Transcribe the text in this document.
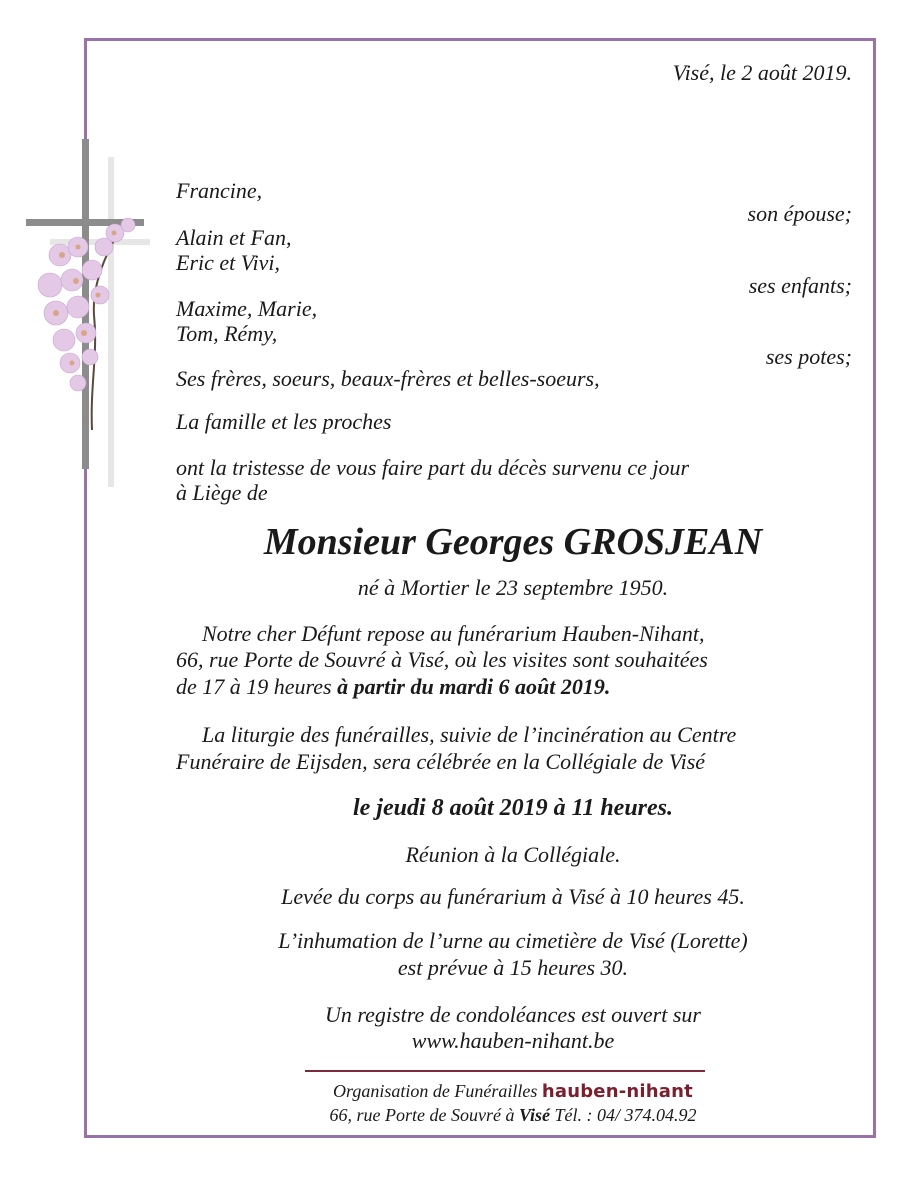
Visé, le 2 août 2019.
Francine,
son épouse;
Alain et Fan,
Eric et Vivi,
ses enfants;
Maxime, Marie,
Tom, Rémy,
ses potes;
Ses frères, soeurs, beaux-frères et belles-soeurs,
La famille et les proches
ont la tristesse de vous faire part du décès survenu ce jour
à Liège de
Monsieur Georges GROSJEAN
né à Mortier le 23 septembre 1950.
Notre cher Défunt repose au funérarium Hauben-Nihant,
66, rue Porte de Souvré à Visé, où les visites sont souhaitées
de 17 à 19 heures à partir du mardi 6 août 2019.
La liturgie des funérailles, suivie de l’incinération au Centre
Funéraire de Eijsden, sera célébrée en la Collégiale de Visé
le jeudi 8 août 2019 à 11 heures.
Réunion à la Collégiale.
Levée du corps au funérarium à Visé à 10 heures 45.
L’inhumation de l’urne au cimetière de Visé (Lorette)
est prévue à 15 heures 30.
Un registre de condoléances est ouvert sur
www.hauben-nihant.be
Organisation de Funérailles hauben-nihant
66, rue Porte de Souvré à Visé Tél. : 04/ 374.04.92
